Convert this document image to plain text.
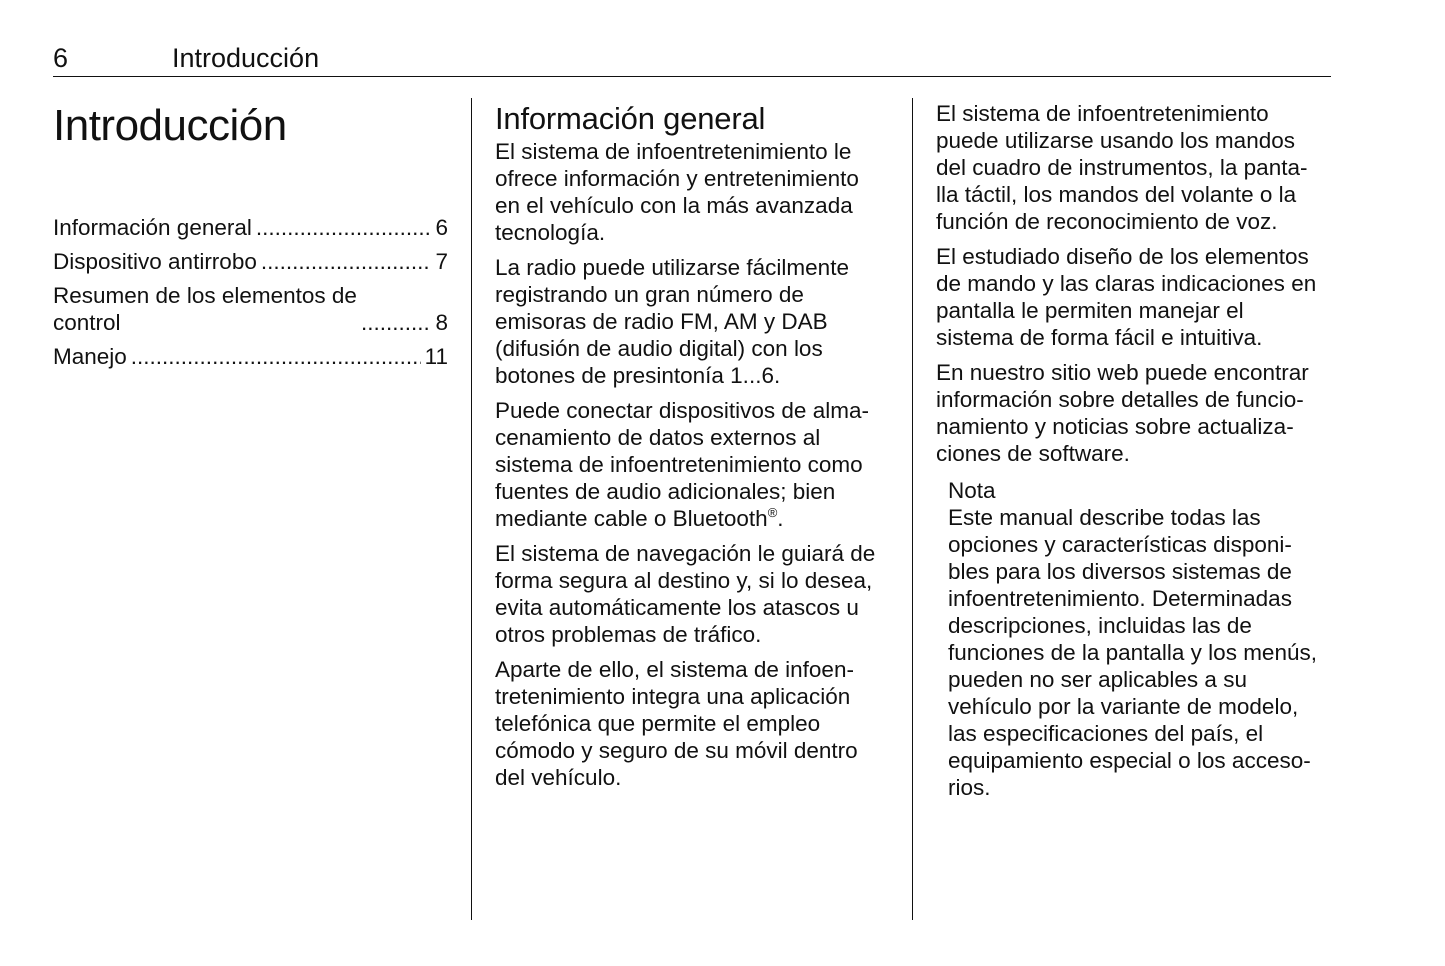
6	Introducción
Introducción
Información general .....	6
Dispositivo antirrobo .....	7
Resumen de los elementos de
control .....	8
Manejo .....	11
Información general

El sistema de infoentretenimiento le
ofrece información y entretenimiento
en el vehículo con la más avanzada
tecnología.

La radio puede utilizarse fácilmente
registrando un gran número de
emisoras de radio FM, AM y DAB
(difusión de audio digital) con los
botones de presintonía 1...6.

Puede conectar dispositivos de alma-
cenamiento de datos externos al
sistema de infoentretenimiento como
fuentes de audio adicionales; bien
mediante cable o Bluetooth®.

El sistema de navegación le guiará de
forma segura al destino y, si lo desea,
evita automáticamente los atascos u
otros problemas de tráfico.

Aparte de ello, el sistema de infoen-
tretenimiento integra una aplicación
telefónica que permite el empleo
cómodo y seguro de su móvil dentro
del vehículo.

El sistema de infoentretenimiento
puede utilizarse usando los mandos
del cuadro de instrumentos, la panta-
lla táctil, los mandos del volante o la
función de reconocimiento de voz.

El estudiado diseño de los elementos
de mando y las claras indicaciones en
pantalla le permiten manejar el
sistema de forma fácil e intuitiva.

En nuestro sitio web puede encontrar
información sobre detalles de funcio-
namiento y noticias sobre actualiza-
ciones de software.

Nota
Este manual describe todas las
opciones y características disponi-
bles para los diversos sistemas de
infoentretenimiento. Determinadas
descripciones, incluidas las de
funciones de la pantalla y los menús,
pueden no ser aplicables a su
vehículo por la variante de modelo,
las especificaciones del país, el
equipamiento especial o los acceso-
rios.
